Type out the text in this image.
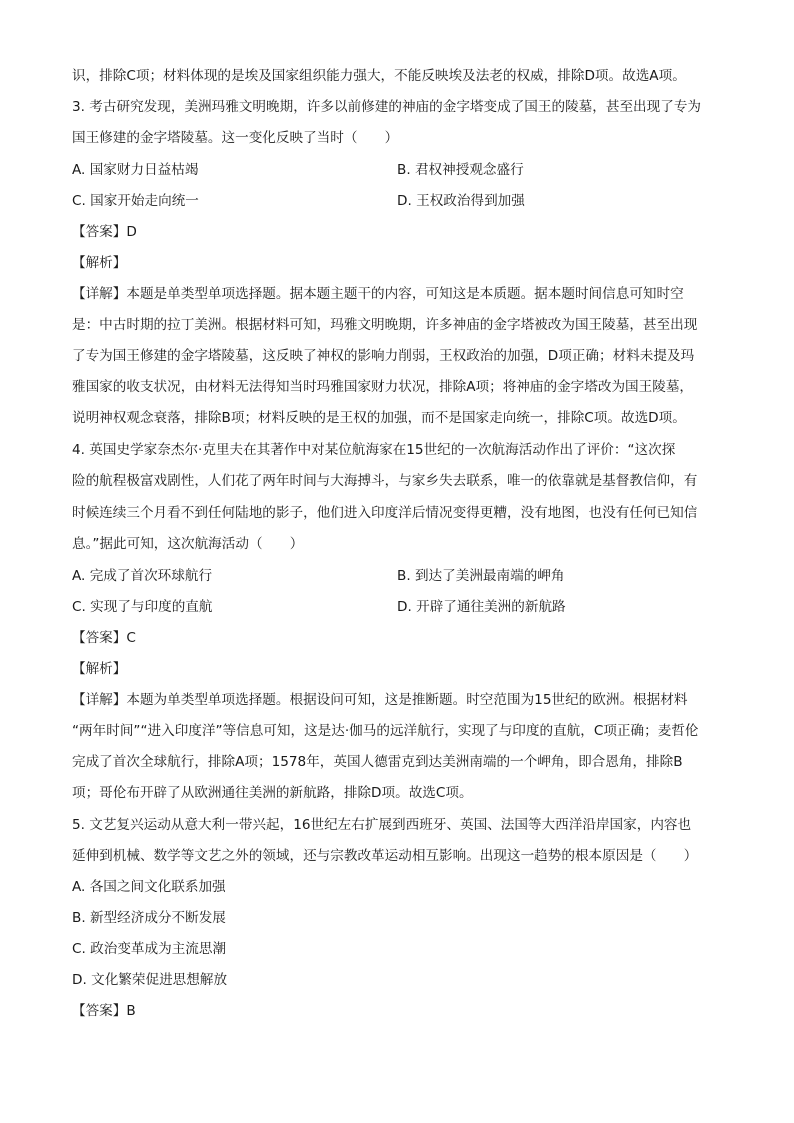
识，排除C项；材料体现的是埃及国家组织能力强大，不能反映埃及法老的权威，排除D项。故选A项。
3. 考古研究发现，美洲玛雅文明晚期，许多以前修建的神庙的金字塔变成了国王的陵墓，甚至出现了专为
国王修建的金字塔陵墓。这一变化反映了当时（　　）
A. 国家财力日益枯竭	B. 君权神授观念盛行
C. 国家开始走向统一	D. 王权政治得到加强
【答案】D
【解析】
【详解】本题是单类型单项选择题。据本题主题干的内容，可知这是本质题。据本题时间信息可知时空
是：中古时期的拉丁美洲。根据材料可知，玛雅文明晚期，许多神庙的金字塔被改为国王陵墓，甚至出现
了专为国王修建的金字塔陵墓，这反映了神权的影响力削弱，王权政治的加强，D项正确；材料未提及玛
雅国家的收支状况，由材料无法得知当时玛雅国家财力状况，排除A项；将神庙的金字塔改为国王陵墓，
说明神权观念衰落，排除B项；材料反映的是王权的加强，而不是国家走向统一，排除C项。故选D项。
4. 英国史学家奈杰尔·克里夫在其著作中对某位航海家在15世纪的一次航海活动作出了评价：“这次探
险的航程极富戏剧性，人们花了两年时间与大海搏斗，与家乡失去联系，唯一的依靠就是基督教信仰，有
时候连续三个月看不到任何陆地的影子，他们进入印度洋后情况变得更糟，没有地图，也没有任何已知信
息。”据此可知，这次航海活动（　　）
A. 完成了首次环球航行	B. 到达了美洲最南端的岬角
C. 实现了与印度的直航	D. 开辟了通往美洲的新航路
【答案】C
【解析】
【详解】本题为单类型单项选择题。根据设问可知，这是推断题。时空范围为15世纪的欧洲。根据材料
“两年时间”“进入印度洋”等信息可知，这是达·伽马的远洋航行，实现了与印度的直航，C项正确；麦哲伦
完成了首次全球航行，排除A项；1578年，英国人德雷克到达美洲南端的一个岬角，即合恩角，排除B
项；哥伦布开辟了从欧洲通往美洲的新航路，排除D项。故选C项。
5. 文艺复兴运动从意大利一带兴起，16世纪左右扩展到西班牙、英国、法国等大西洋沿岸国家，内容也
延伸到机械、数学等文艺之外的领域，还与宗教改革运动相互影响。出现这一趋势的根本原因是（　　）
A. 各国之间文化联系加强
B. 新型经济成分不断发展
C. 政治变革成为主流思潮
D. 文化繁荣促进思想解放
【答案】B
